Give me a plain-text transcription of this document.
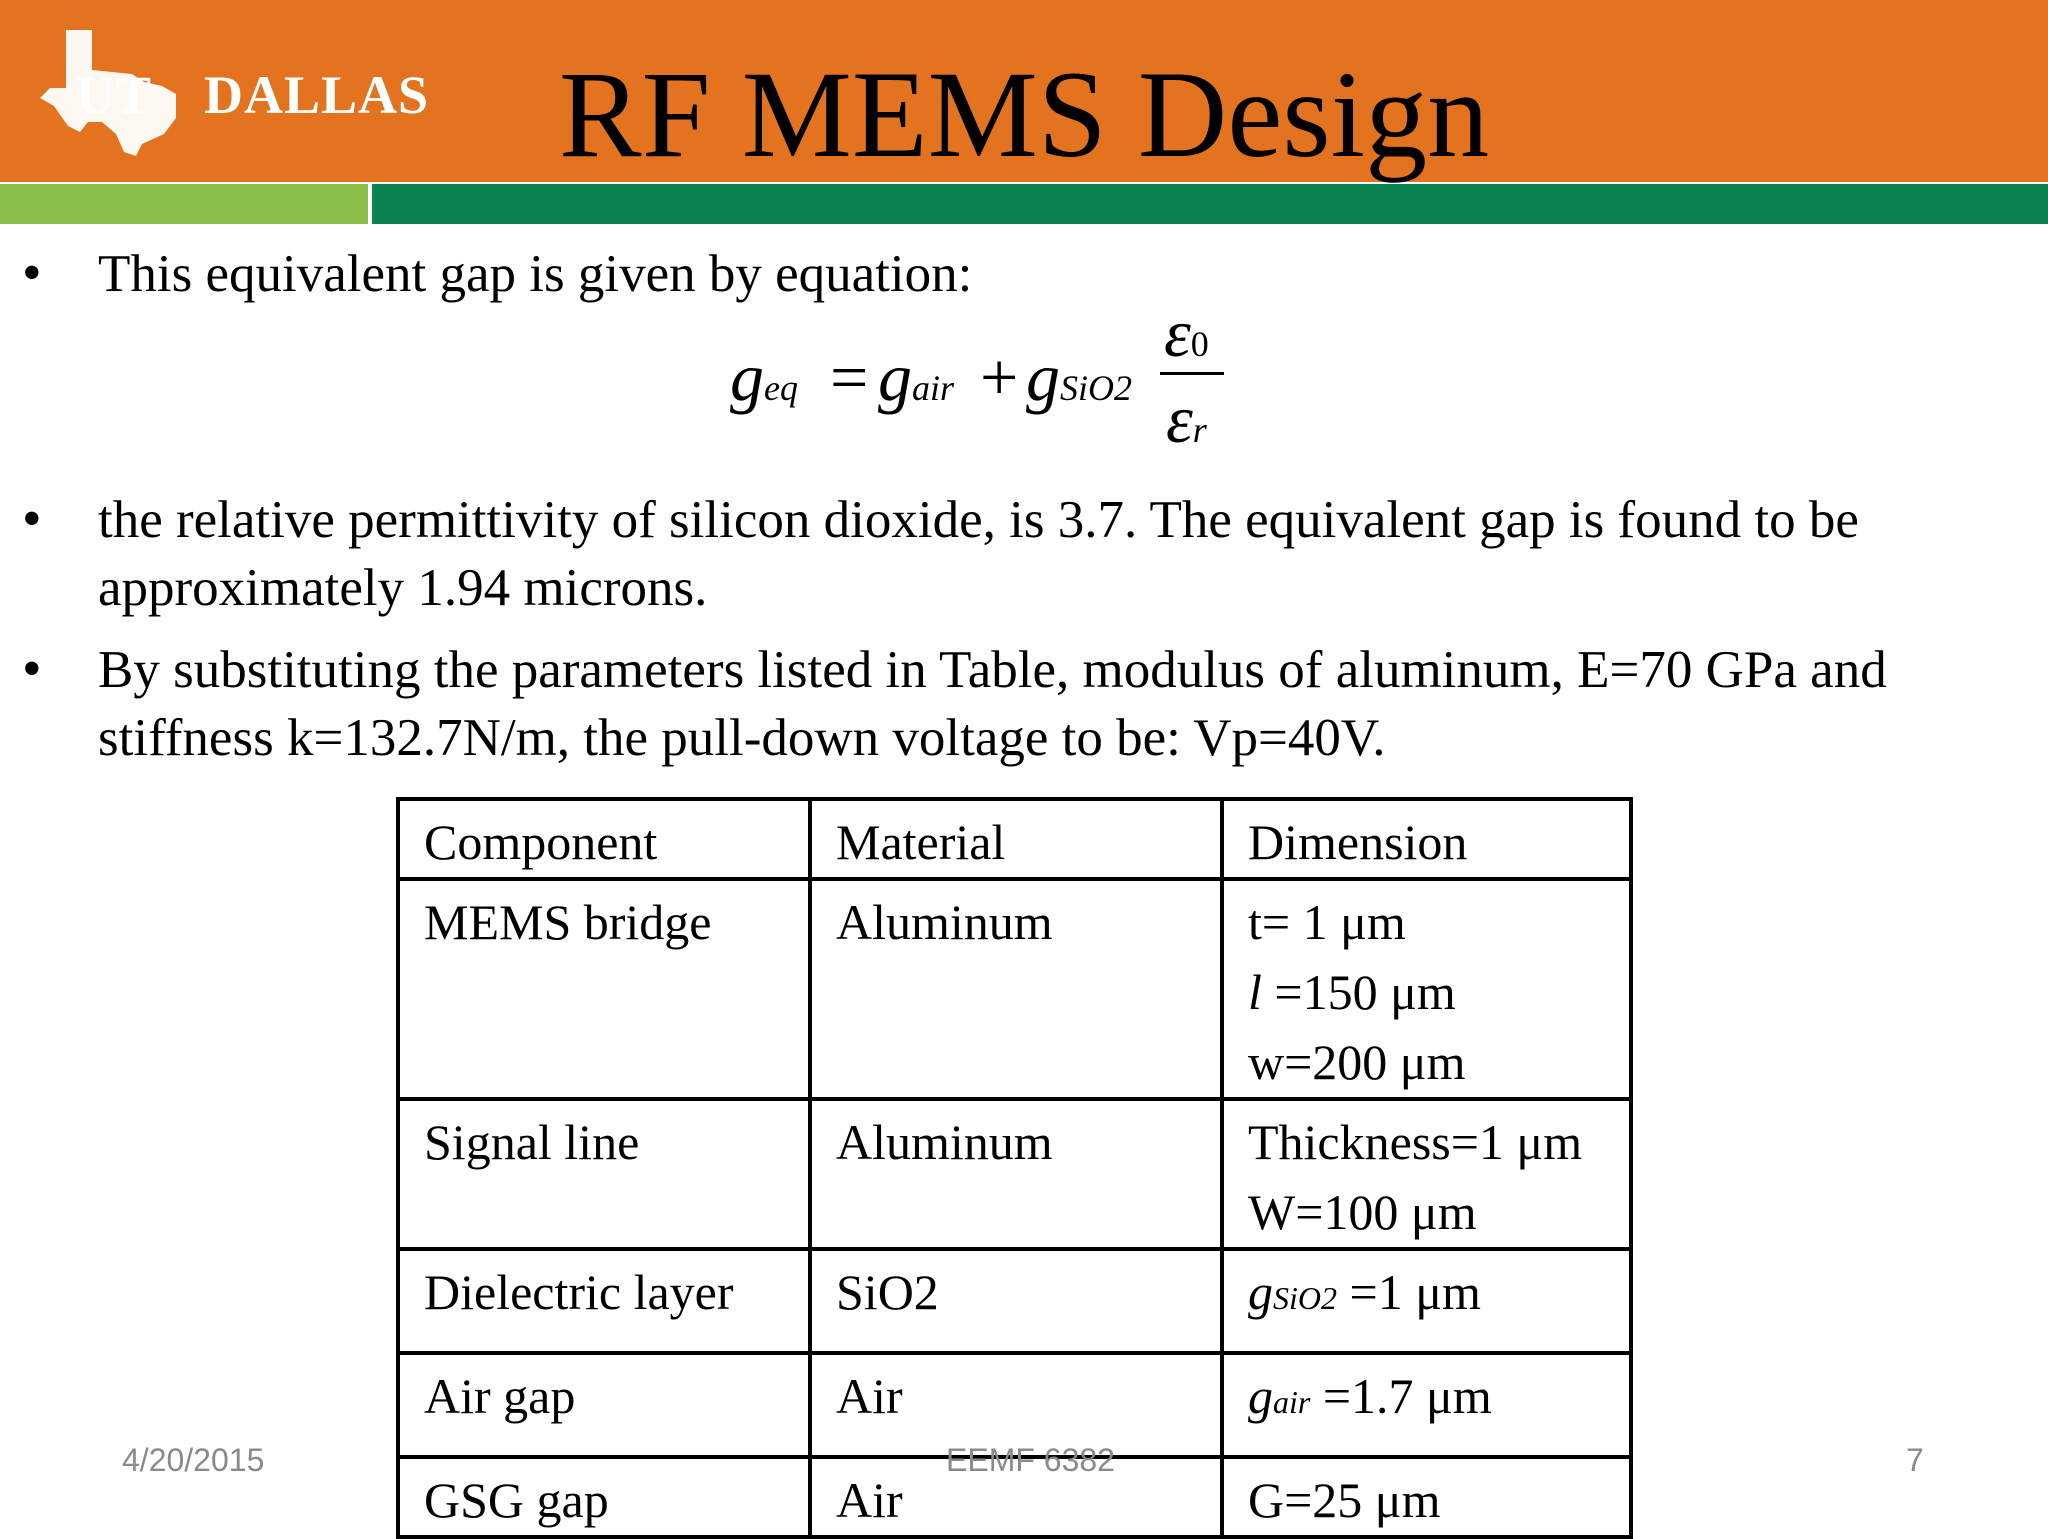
UT DALLAS	RF MEMS Design
• This equivalent gap is given by equation:
geq = gair + gSiO2
ε0
εr
• the relative permittivity of silicon dioxide, is 3.7. The equivalent gap is found to be approximately 1.94 microns.
• By substituting the parameters listed in Table, modulus of aluminum, E=70 GPa and stiffness k=132.7N/m, the pull-down voltage to be: Vp=40V.
Component	Material	Dimension
MEMS bridge	Aluminum	t= 1 μm
l =150 μm
w=200 μm

Signal line	Aluminum	Thickness=1 μm
W=100 μm

Dielectric layer	SiO2	gSiO2 =1 μm
Air gap	Air	gair =1.7 μm
GSG gap	Air	G=25 μm
4/20/2015	EEMF 6382	7
